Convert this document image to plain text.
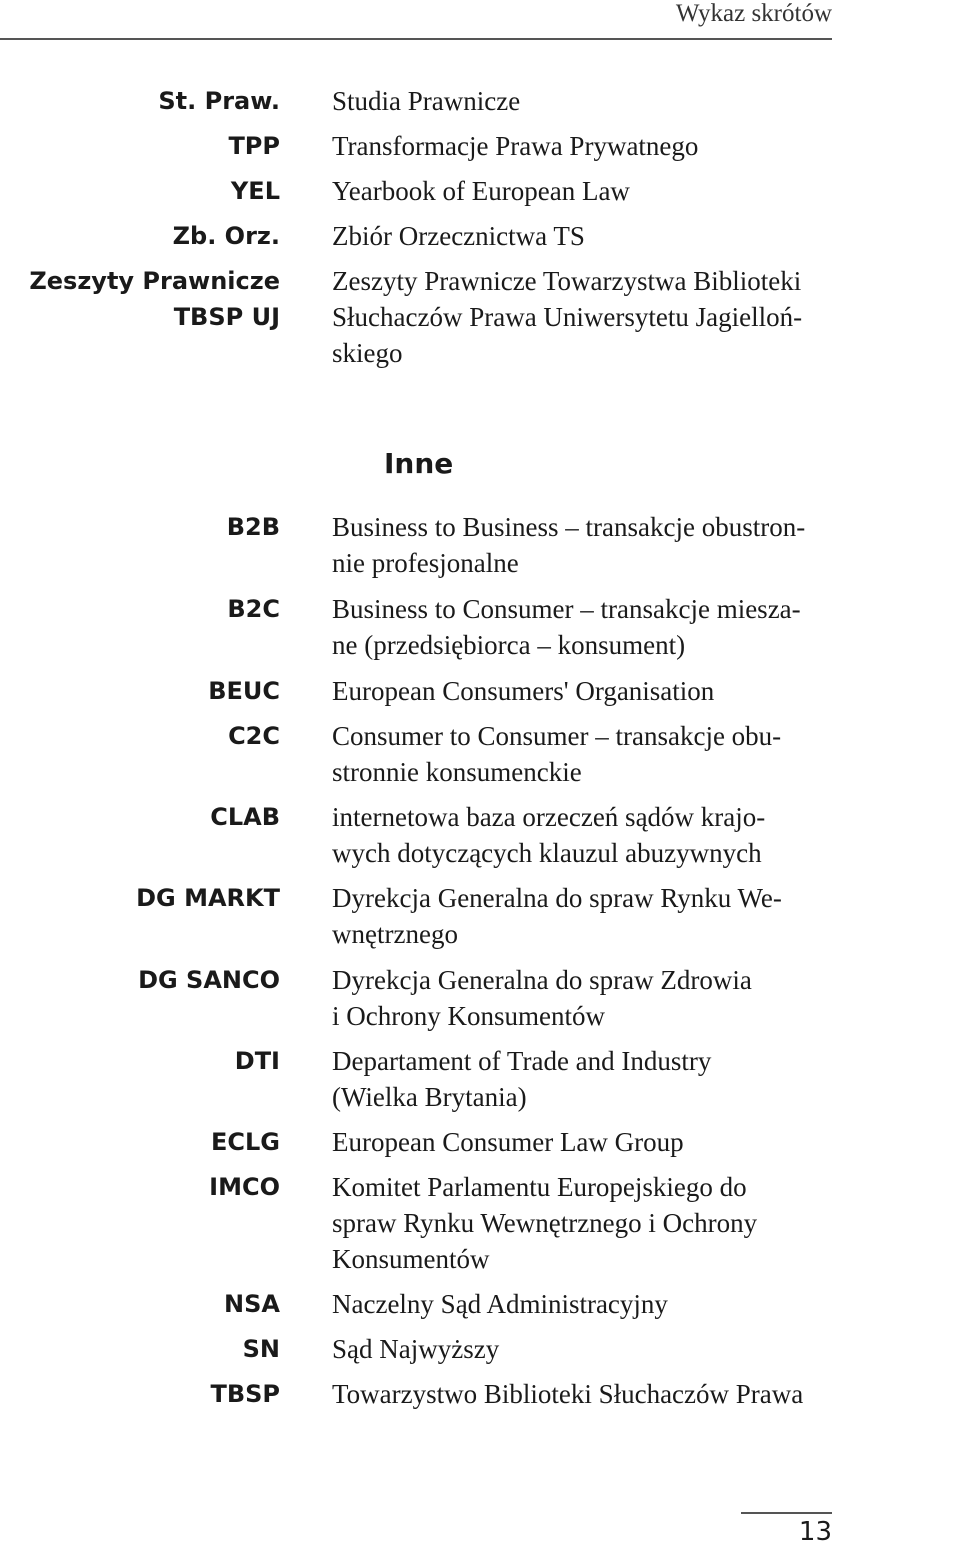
Wykaz skrótów
St. Praw. Studia Prawnicze
TPP Transformacje Prawa Prywatnego
YEL Yearbook of European Law
Zb. Orz. Zbiór Orzecznictwa TS
Zeszyty Prawnicze
TBSP UJ
Zeszyty Prawnicze Towarzystwa Biblioteki
Słuchaczów Prawa Uniwersytetu Jagielloń-
skiego
Inne
B2B Business to Business – transakcje obustron-
nie profesjonalne
B2C Business to Consumer – transakcje miesza-
ne (przedsiębiorca – konsument)
BEUC European Consumers' Organisation
C2C Consumer to Consumer – transakcje obu-
stronnie konsumenckie
CLAB internetowa baza orzeczeń sądów krajo-
wych dotyczących klauzul abuzywnych
DG MARKT Dyrekcja Generalna do spraw Rynku We-
wnętrznego
DG SANCO Dyrekcja Generalna do spraw Zdrowia
i Ochrony Konsumentów
DTI Departament of Trade and Industry
(Wielka Brytania)
ECLG European Consumer Law Group
IMCO Komitet Parlamentu Europejskiego do
spraw Rynku Wewnętrznego i Ochrony
Konsumentów
NSA Naczelny Sąd Administracyjny
SN Sąd Najwyższy
TBSP Towarzystwo Biblioteki Słuchaczów Prawa
13
